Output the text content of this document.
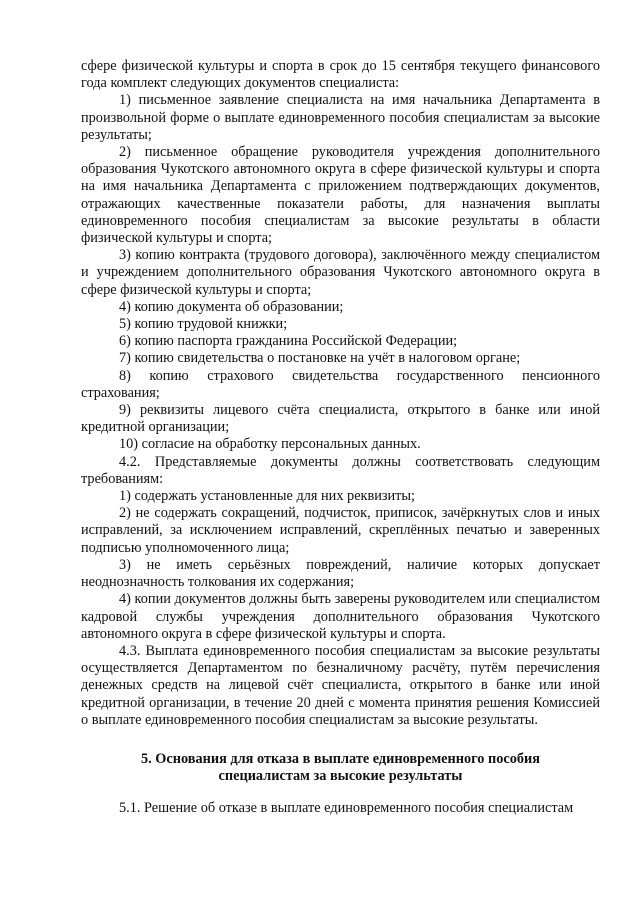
сфере физической культуры и спорта в срок до 15 сентября текущего финансового года комплект следующих документов специалиста:

1) письменное заявление специалиста на имя начальника Департамента в произвольной форме о выплате единовременного пособия специалистам за высокие результаты;

2) письменное обращение руководителя учреждения дополнительного образования Чукотского автономного округа в сфере физической культуры и спорта на имя начальника Департамента с приложением подтверждающих документов, отражающих качественные показатели работы, для назначения выплаты единовременного пособия специалистам за высокие результаты в области физической культуры и спорта;

3) копию контракта (трудового договора), заключённого между специалистом и учреждением дополнительного образования Чукотского автономного округа в сфере физической культуры и спорта;

4) копию документа об образовании;

5) копию трудовой книжки;

6) копию паспорта гражданина Российской Федерации;

7) копию свидетельства о постановке на учёт в налоговом органе;

8) копию страхового свидетельства государственного пенсионного страхования;

9) реквизиты лицевого счёта специалиста, открытого в банке или иной кредитной организации;

10) согласие на обработку персональных данных.

4.2. Представляемые документы должны соответствовать следующим требованиям:

1) содержать установленные для них реквизиты;

2) не содержать сокращений, подчисток, приписок, зачёркнутых слов и иных исправлений, за исключением исправлений, скреплённых печатью и заверенных подписью уполномоченного лица;

3) не иметь серьёзных повреждений, наличие которых допускает неоднозначность толкования их содержания;

4) копии документов должны быть заверены руководителем или специалистом кадровой службы учреждения дополнительного образования Чукотского автономного округа в сфере физической культуры и спорта.

4.3. Выплата единовременного пособия специалистам за высокие результаты осуществляется Департаментом по безналичному расчёту, путём перечисления денежных средств на лицевой счёт специалиста, открытого в банке или иной кредитной организации, в течение 20 дней с момента принятия решения Комиссией о выплате единовременного пособия специалистам за высокие результаты.

5. Основания для отказа в выплате единовременного пособия
специалистам за высокие результаты

5.1. Решение об отказе в выплате единовременного пособия специалистам
